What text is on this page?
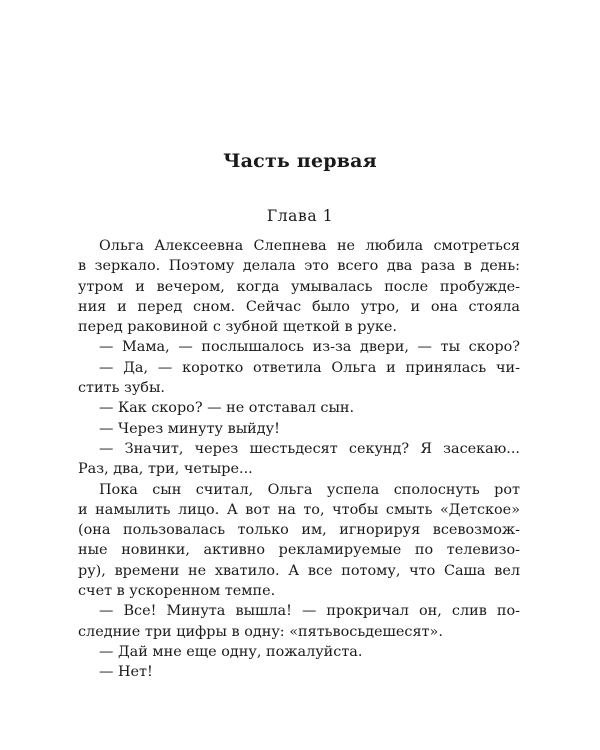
Часть первая
Глава 1
Ольга Алексеевна Слепнева не любила смотреться
в зеркало. Поэтому делала это всего два раза в день:
утром и вечером, когда умывалась после пробужде-
ния и перед сном. Сейчас было утро, и она стояла
перед раковиной с зубной щеткой в руке.
— Мама, — послышалось из-за двери, — ты скоро?
— Да, — коротко ответила Ольга и принялась чи-
стить зубы.
— Как скоро? — не отставал сын.
— Через минуту выйду!
— Значит, через шестьдесят секунд? Я засекаю...
Раз, два, три, четыре...
Пока сын считал, Ольга успела сполоснуть рот
и намылить лицо. А вот на то, чтобы смыть «Детское»
(она пользовалась только им, игнорируя всевозмож-
ные новинки, активно рекламируемые по телевизо-
ру), времени не хватило. А все потому, что Саша вел
счет в ускоренном темпе.
— Все! Минута вышла! — прокричал он, слив по-
следние три цифры в одну: «пятьвосьдешесят».
— Дай мне еще одну, пожалуйста.
— Нет!
